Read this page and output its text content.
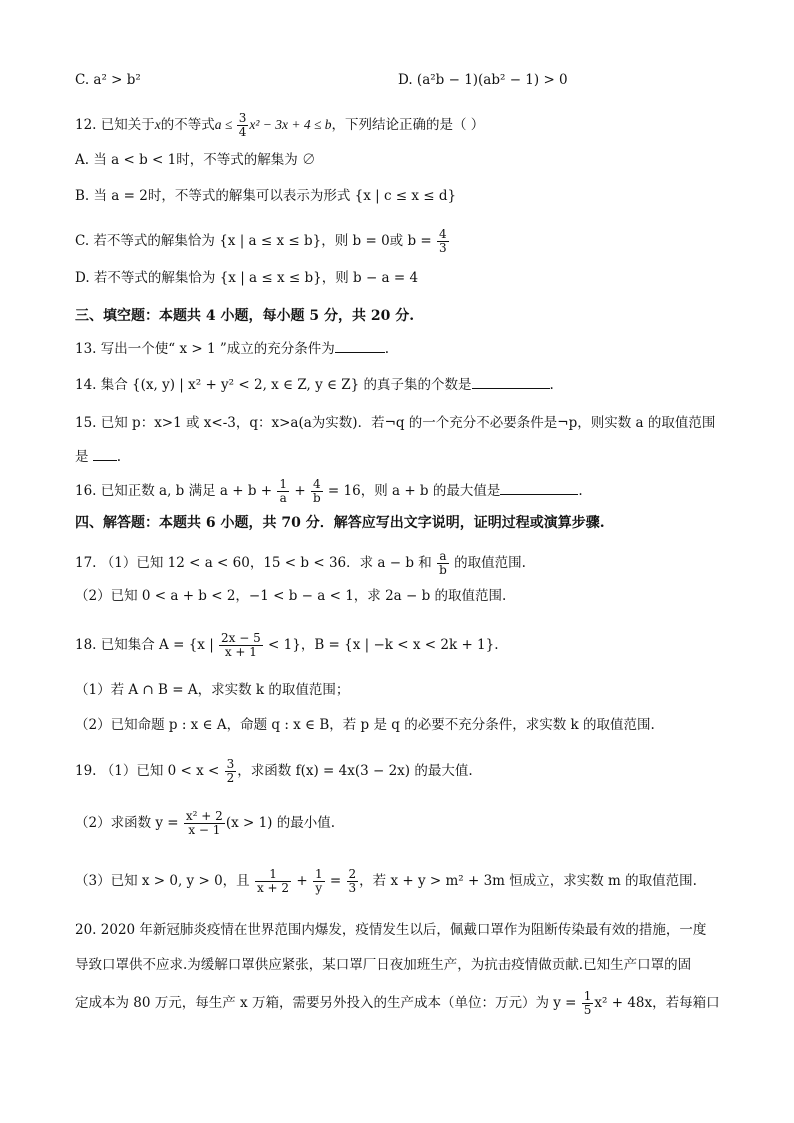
C. a² > b²	D. (a²b − 1)(ab² − 1) > 0
12. 已知关于x的不等式$a \le \frac{3}{4} x^2 - 3x + 4 \le b$，下列结论正确的是（ ）
A. 当 a < b < 1时，不等式的解集为 ∅
B. 当 a = 2时，不等式的解集可以表示为形式 {x | c ≤ x ≤ d}
C. 若不等式的解集恰为 {x | a ≤ x ≤ b}，则 b = 0或 $b = \frac{4}{3}$
D. 若不等式的解集恰为 {x | a ≤ x ≤ b}，则 b − a = 4
三、填空题：本题共 4 小题，每小题 5 分，共 20 分.
13. 写出一个使“ x > 1 ”成立的充分条件为	.
14. 集合 {(x, y) | x² + y² < 2, x ∈ Z, y ∈ Z} 的真子集的个数是	.
15. 已知 p：x>1 或 x<-3，q：x>a(a为实数)．若¬q 的一个充分不必要条件是¬p，则实数 a 的取值范围是 .
16. 已知正数 a, b 满足 $a + b + \frac{1}{a} + \frac{4}{b} = 16$，则 a + b 的最大值是	.
四、解答题：本题共 6 小题，共 70 分．解答应写出文字说明，证明过程或演算步骤.
17. （1）已知 12 < a < 60，15 < b < 36．求 a − b 和 $\frac{a}{b}$ 的取值范围.
（2）已知 0 < a + b < 2，−1 < b − a < 1，求 2a − b 的取值范围.
18. 已知集合 A = {x | $\frac{2x - 5}{x + 1} < 1$}，B = {x | −k < x < 2k + 1}.
（1）若 A ∩ B = A，求实数 k 的取值范围；
（2）已知命题 p : x ∈ A，命题 q : x ∈ B，若 p 是 q 的必要不充分条件，求实数 k 的取值范围.
19. （1）已知 $0 < x < \frac{3}{2}$ ，求函数 f(x) = 4x(3 − 2x) 的最大值.
（2）求函数 $y = \frac{\text{x² + 2}}{x - 1} (x > 1)$ 的最小值.
（3）已知 x > 0, y > 0，且 $\frac{1}{x + 2} + \frac{1}{y} = \frac{2}{3}$ ，若 x + y > m² + 3m 恒成立，求实数 m 的取值范围.
20. 2020 年新冠肺炎疫情在世界范围内爆发，疫情发生以后，佩戴口罩作为阻断传染最有效的措施，一度
导致口罩供不应求.为缓解口罩供应紧张，某口罩厂日夜加班生产，为抗击疫情做贡献.已知生产口罩的固
定成本为 80 万元，每生产 x 万箱，需要另外投入的生产成本（单位：万元）为 $y = \frac{1}{5} x^2 + 48x$，若每箱口
